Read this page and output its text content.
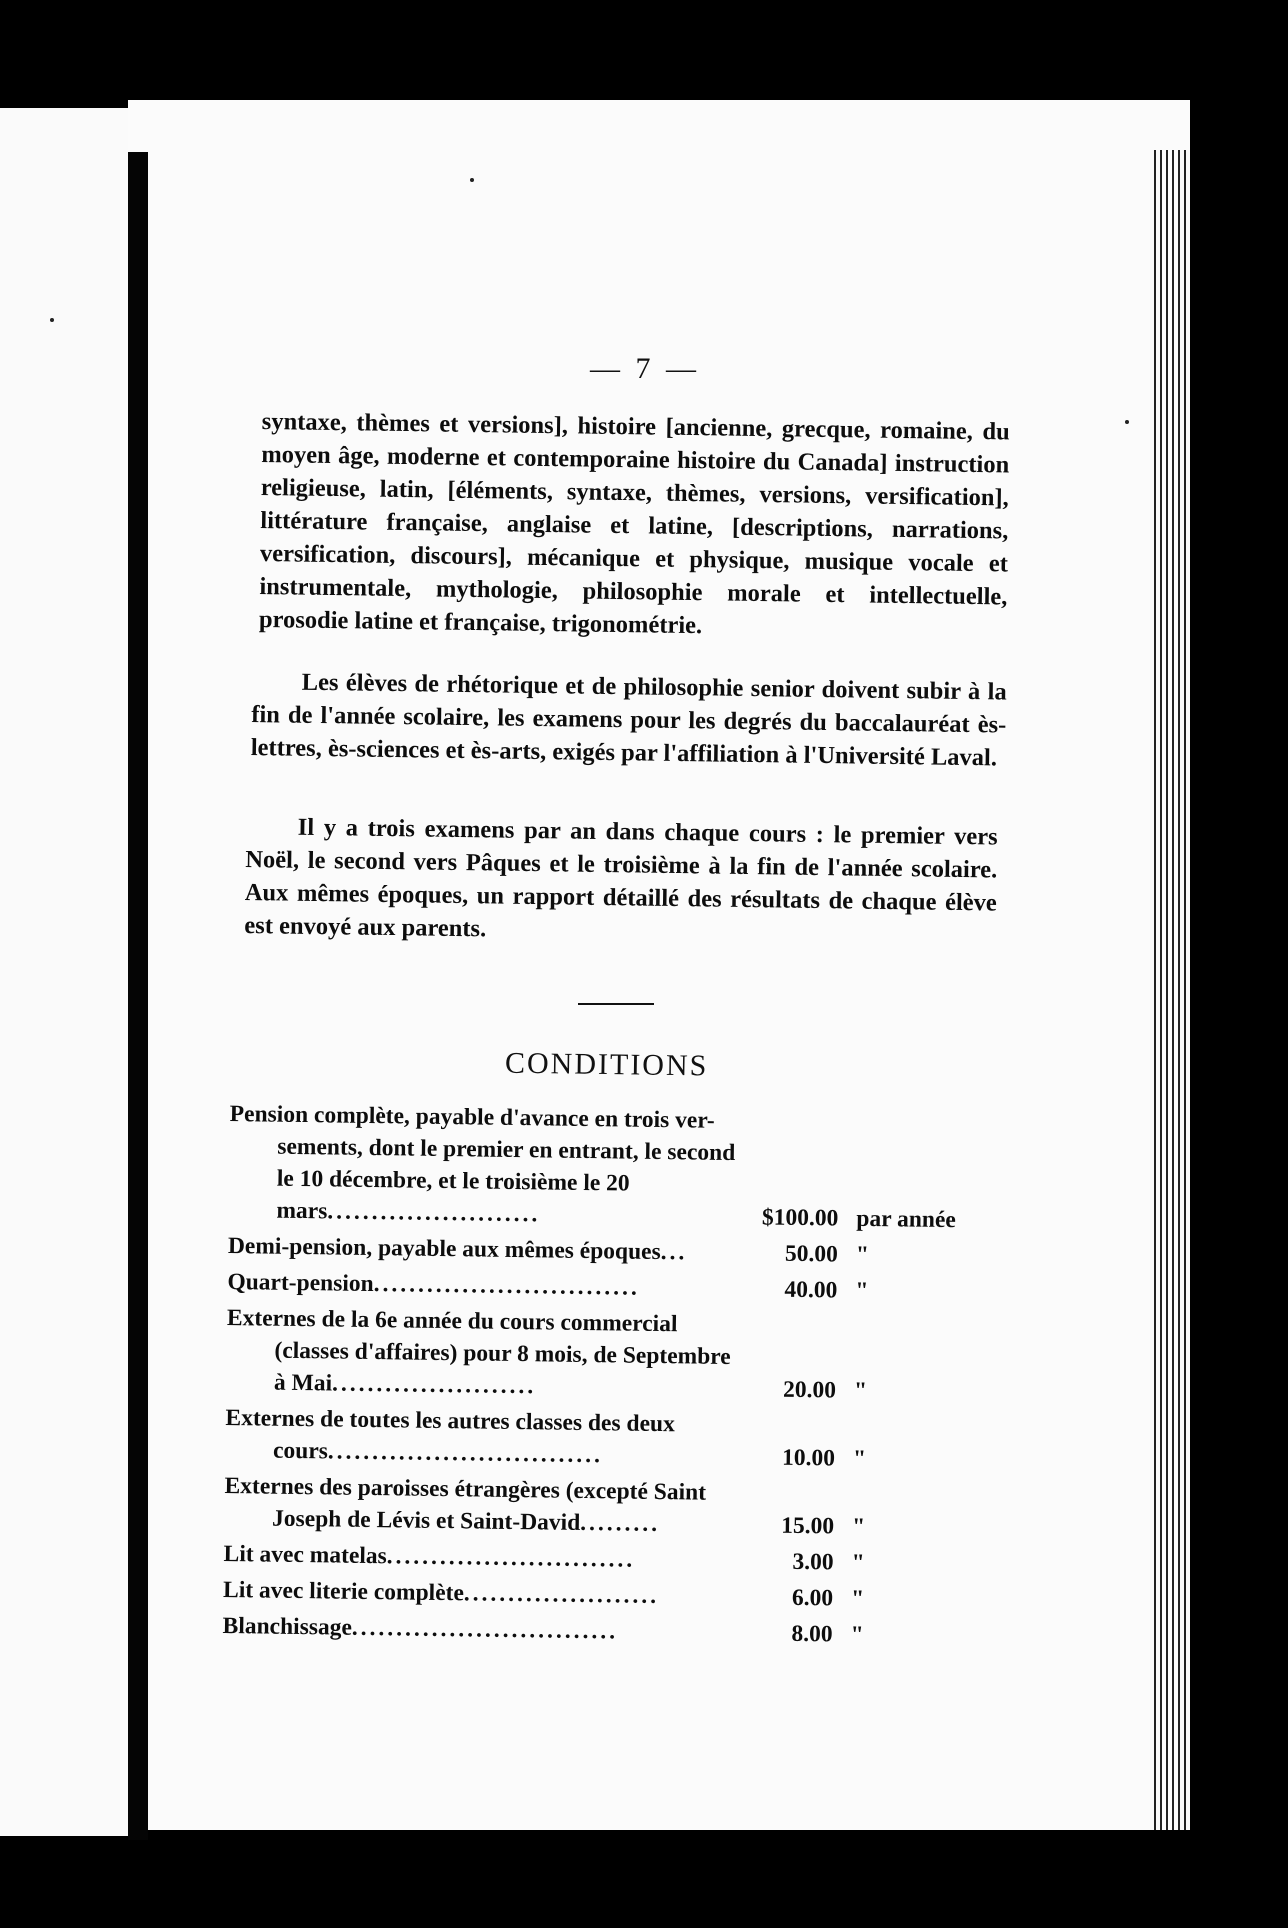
— 7 —
syntaxe, thèmes et versions], histoire [ancienne, grecque, romaine, du moyen âge, moderne et contemporaine histoire du Canada] instruction religieuse, latin, [éléments, syntaxe, thèmes, versions, versification], littérature française, anglaise et latine, [descriptions, narrations, versification, discours], mécanique et physique, musique vocale et instrumentale, mythologie, philosophie morale et intellectuelle, prosodie latine et française, trigonométrie.
Les élèves de rhétorique et de philosophie senior doivent subir à la fin de l'année scolaire, les examens pour les degrés du baccalauréat ès-lettres, ès-sciences et ès-arts, exigés par l'affiliation à l'Université Laval.
Il y a trois examens par an dans chaque cours : le premier vers Noël, le second vers Pâques et le troisième à la fin de l'année scolaire. Aux mêmes époques, un rapport détaillé des résultats de chaque élève est envoyé aux parents.
CONDITIONS
Pension complète, payable d'avance en trois ver-
sements, dont le premier en entrant, le second le 10 décembre, et le troisième le 20 mars........................	$100.00 par année
Demi-pension, payable aux mêmes époques...	50.00 "
Quart-pension..............................	40.00 "
Externes de la 6e année du cours commercial
(classes d'affaires) pour 8 mois, de Septembre à Mai.......................	20.00 "
Externes de toutes les autres classes des deux
cours...............................	10.00 "
Externes des paroisses étrangères (excepté Saint
Joseph de Lévis et Saint-David.........	15.00 "
Lit avec matelas............................	3.00 "
Lit avec literie complète......................	6.00 "
Blanchissage..............................	8.00 "
